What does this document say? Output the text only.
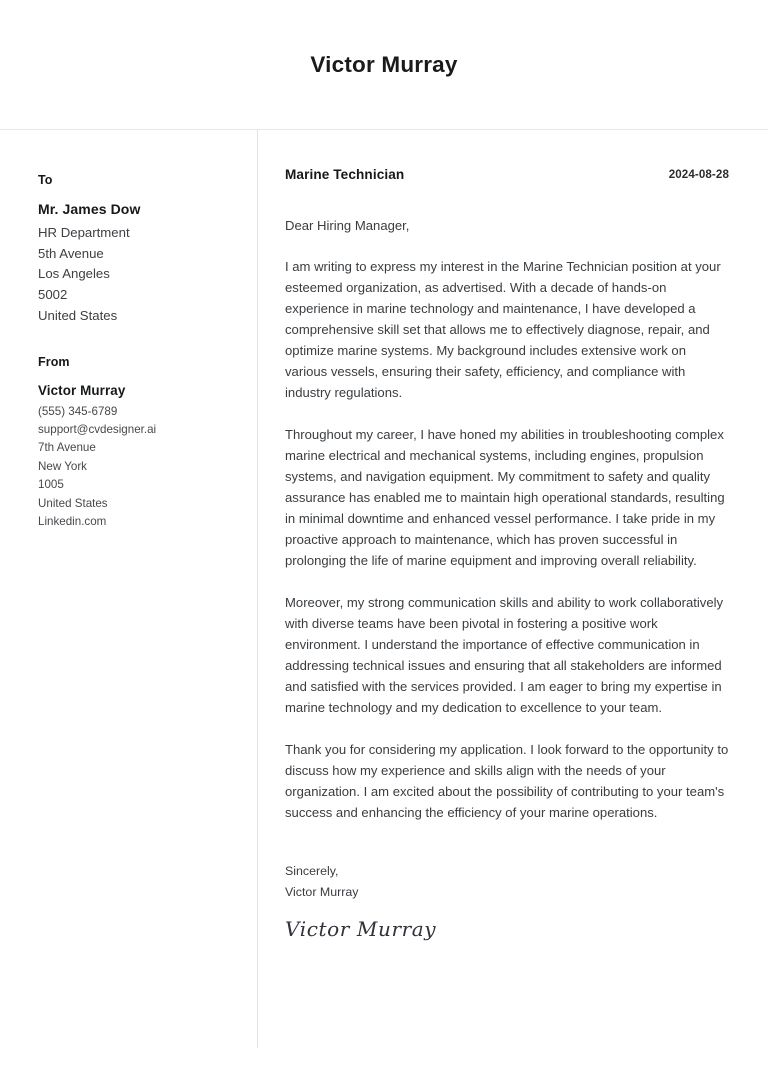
Victor Murray
To
Mr. James Dow
HR Department
5th Avenue
Los Angeles
5002
United States
From
Victor Murray
(555) 345-6789
support@cvdesigner.ai
7th Avenue
New York
1005
United States
Linkedin.com
Marine Technician	2024-08-28
Dear Hiring Manager,

I am writing to express my interest in the Marine Technician position at your esteemed organization, as advertised. With a decade of hands-on experience in marine technology and maintenance, I have developed a comprehensive skill set that allows me to effectively diagnose, repair, and optimize marine systems. My background includes extensive work on various vessels, ensuring their safety, efficiency, and compliance with industry regulations.

Throughout my career, I have honed my abilities in troubleshooting complex marine electrical and mechanical systems, including engines, propulsion systems, and navigation equipment. My commitment to safety and quality assurance has enabled me to maintain high operational standards, resulting in minimal downtime and enhanced vessel performance. I take pride in my proactive approach to maintenance, which has proven successful in prolonging the life of marine equipment and improving overall reliability.

Moreover, my strong communication skills and ability to work collaboratively with diverse teams have been pivotal in fostering a positive work environment. I understand the importance of effective communication in addressing technical issues and ensuring that all stakeholders are informed and satisfied with the services provided. I am eager to bring my expertise in marine technology and my dedication to excellence to your team.

Thank you for considering my application. I look forward to the opportunity to discuss how my experience and skills align with the needs of your organization. I am excited about the possibility of contributing to your team's success and enhancing the efficiency of your marine operations.

Sincerely,
Victor Murray
Victor Murray
